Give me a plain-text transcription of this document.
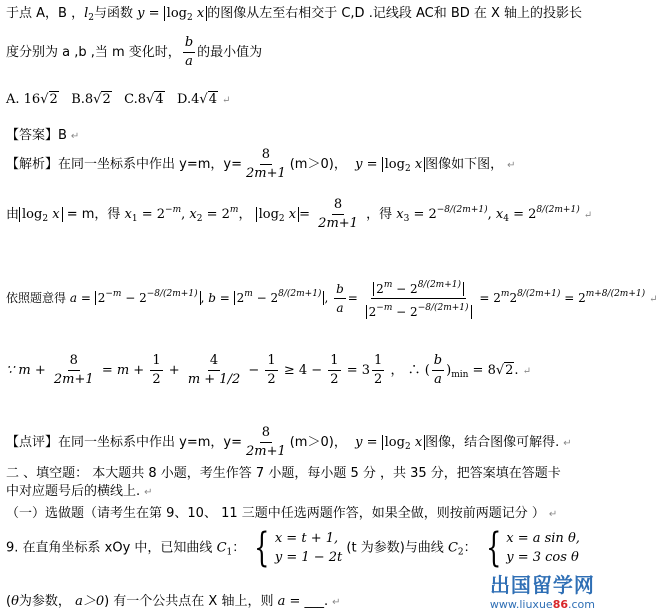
于点 A，B ，$l_2$与函数 $y = \log_2 x$ 的图像从左至右相交于 C,D .记线段 AC和 BD 在 X 轴上的投影长
度分别为 a ,b ,当 m 变化时， $\frac{b}{a}$ 的最小值为
A. 16√2 B.8√2 C.8√4 D.4√4 ↵
【答案】B ↵
【解析】在同一坐标系中作出 y=m，$y= \frac{8}{2m+1} (m>0)$， $y = \log_2 x$ 图像如下图， ↵
由 $\log_2 x = m$，得 $x_1 = 2^{-m}$, $x_2 = 2^m$， $\log_2 x = \frac{8}{2m+1}$ ，得 $x_3 = 2^{-8/(2m+1)}$, $x_4 = 2^{8/(2m+1)}$ ↵
依照题意得 $a = 2^{-m} - 2^{-8/(2m+1)}$ , $b = 2^m - 2^{8/(2m+1)}$ , $\frac{b}{a} = \frac{2^m - 2^{8/(2m+1)}}{2^{-m} - 2^{-8/(2m+1)}} = 2^m2^{8/(2m+1)} = 2^{m+8/(2m+1)}$ ↵
∵ $m + \frac{8}{2m+1} = m + \frac{1}{2} + \frac{4}{m + 1/2} - \frac{1}{2} \ge 4 - \frac{1}{2} = 3 \frac{1}{2}$ ， ∴ ( $\frac{b}{a} )_{min} = 8√2$. ↵
【点评】在同一坐标系中作出 y=m，$y= \frac{8}{2m+1} (m>0)$， $y = \log_2 x$ 图像，结合图像可解得. ↵
二 、填空题： 本大题共 8 小题，考生作答 7 小题，每小题 5 分 ，共 35 分，把答案填在答题卡
中对应题号后的横线上. ↵
（一）选做题（请考生在第 9、10、 11 三题中任选两题作答，如果全做，则按前两题记分 ） ↵
9. 在直角坐标系 xOy 中，已知曲线 $C_1$： { x = t + 1,
y = 1 − 2t
(t 为参数)与曲线 $C_2$： { x = a sin θ,
y = 3 cos θ
(θ为参数， a＞0) 有一个公共点在 X 轴上，则 a = ___. ↵
出国留学网
www.liuxue86.com
